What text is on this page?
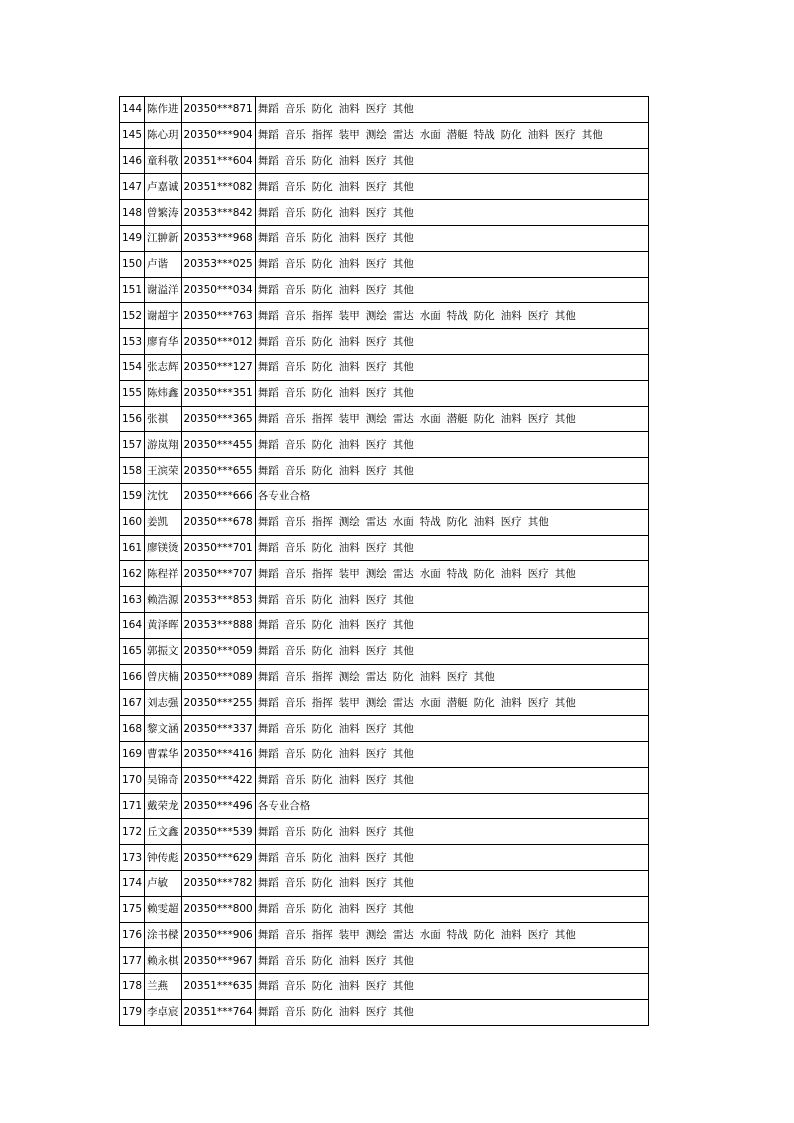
144	陈作进	20350***871	舞蹈 音乐 防化 油料 医疗 其他
145	陈心玥	20350***904	舞蹈 音乐 指挥 装甲 测绘 雷达 水面 潜艇 特战 防化 油料 医疗 其他
146	童科敬	20351***604	舞蹈 音乐 防化 油料 医疗 其他
147	卢嘉诚	20351***082	舞蹈 音乐 防化 油料 医疗 其他
148	曾繁涛	20353***842	舞蹈 音乐 防化 油料 医疗 其他
149	江翀新	20353***968	舞蹈 音乐 防化 油料 医疗 其他
150	卢谐	20353***025	舞蹈 音乐 防化 油料 医疗 其他
151	谢溢洋	20350***034	舞蹈 音乐 防化 油料 医疗 其他
152	谢超宇	20350***763	舞蹈 音乐 指挥 装甲 测绘 雷达 水面 特战 防化 油料 医疗 其他
153	廖育华	20350***012	舞蹈 音乐 防化 油料 医疗 其他
154	张志辉	20350***127	舞蹈 音乐 防化 油料 医疗 其他
155	陈炜鑫	20350***351	舞蹈 音乐 防化 油料 医疗 其他
156	张祺	20350***365	舞蹈 音乐 指挥 装甲 测绘 雷达 水面 潜艇 防化 油料 医疗 其他
157	游岚翔	20350***455	舞蹈 音乐 防化 油料 医疗 其他
158	王滨荣	20350***655	舞蹈 音乐 防化 油料 医疗 其他
159	沈忱	20350***666	各专业合格
160	姜凯	20350***678	舞蹈 音乐 指挥 测绘 雷达 水面 特战 防化 油料 医疗 其他
161	廖镁烫	20350***701	舞蹈 音乐 防化 油料 医疗 其他
162	陈程祥	20350***707	舞蹈 音乐 指挥 装甲 测绘 雷达 水面 特战 防化 油料 医疗 其他
163	赖浩源	20353***853	舞蹈 音乐 防化 油料 医疗 其他
164	黄泽晖	20353***888	舞蹈 音乐 防化 油料 医疗 其他
165	郭振文	20350***059	舞蹈 音乐 防化 油料 医疗 其他
166	曾庆楠	20350***089	舞蹈 音乐 指挥 测绘 雷达 防化 油料 医疗 其他
167	刘志强	20350***255	舞蹈 音乐 指挥 装甲 测绘 雷达 水面 潜艇 防化 油料 医疗 其他
168	黎文涵	20350***337	舞蹈 音乐 防化 油料 医疗 其他
169	曹霖华	20350***416	舞蹈 音乐 防化 油料 医疗 其他
170	吴锦奇	20350***422	舞蹈 音乐 防化 油料 医疗 其他
171	戴荣龙	20350***496	各专业合格
172	丘文鑫	20350***539	舞蹈 音乐 防化 油料 医疗 其他
173	钟传彪	20350***629	舞蹈 音乐 防化 油料 医疗 其他
174	卢敏	20350***782	舞蹈 音乐 防化 油料 医疗 其他
175	赖雯超	20350***800	舞蹈 音乐 防化 油料 医疗 其他
176	涂书樑	20350***906	舞蹈 音乐 指挥 装甲 测绘 雷达 水面 特战 防化 油料 医疗 其他
177	赖永棋	20350***967	舞蹈 音乐 防化 油料 医疗 其他
178	兰燕	20351***635	舞蹈 音乐 防化 油料 医疗 其他
179	李卓宸	20351***764	舞蹈 音乐 防化 油料 医疗 其他
